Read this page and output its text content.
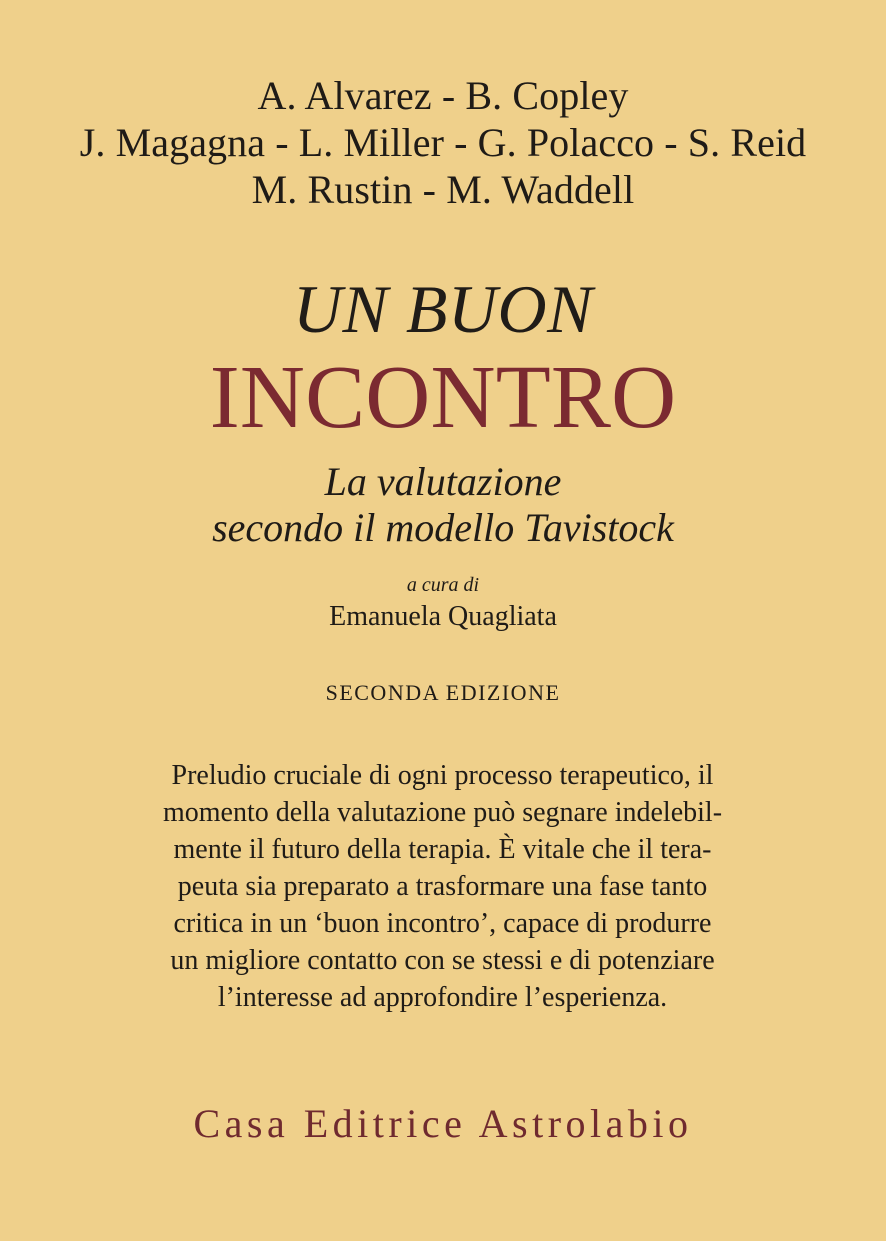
A. Alvarez - B. Copley
J. Magagna - L. Miller - G. Polacco - S. Reid
M. Rustin - M. Waddell
UN BUON
INCONTRO
La valutazione
secondo il modello Tavistock
a cura di
Emanuela Quagliata
SECONDA EDIZIONE
Preludio cruciale di ogni processo terapeutico, il
momento della valutazione può segnare indelebil-
mente il futuro della terapia. È vitale che il tera-
peuta sia preparato a trasformare una fase tanto
critica in un ‘buon incontro’, capace di produrre
un migliore contatto con se stessi e di potenziare
l’interesse ad approfondire l’esperienza.
Casa Editrice Astrolabio
